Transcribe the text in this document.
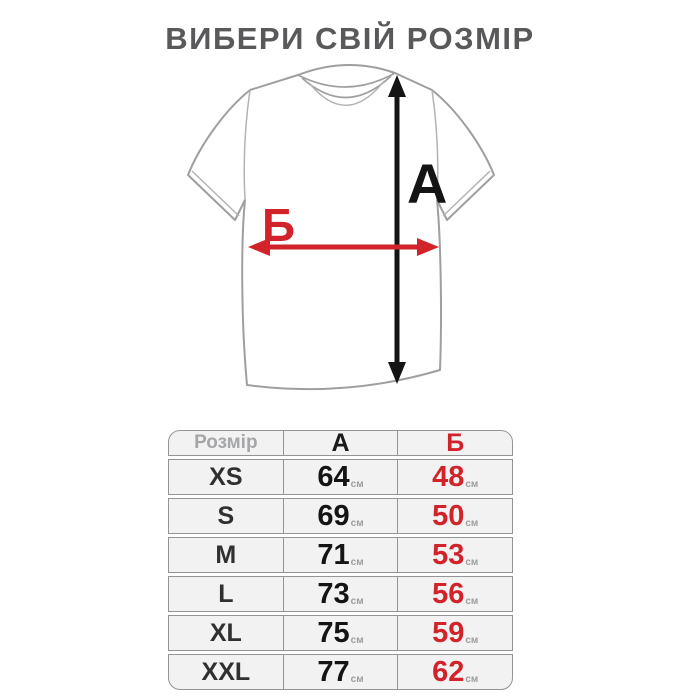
ВИБЕРИ СВІЙ РОЗМІР
А
Б
Розмір	А	Б
XS	64 см 48 см
S	69 см 50 см
M	71 см 53 см
L	73 см 56 см
XL	75 см 59 см
XXL	77 см 62 см
